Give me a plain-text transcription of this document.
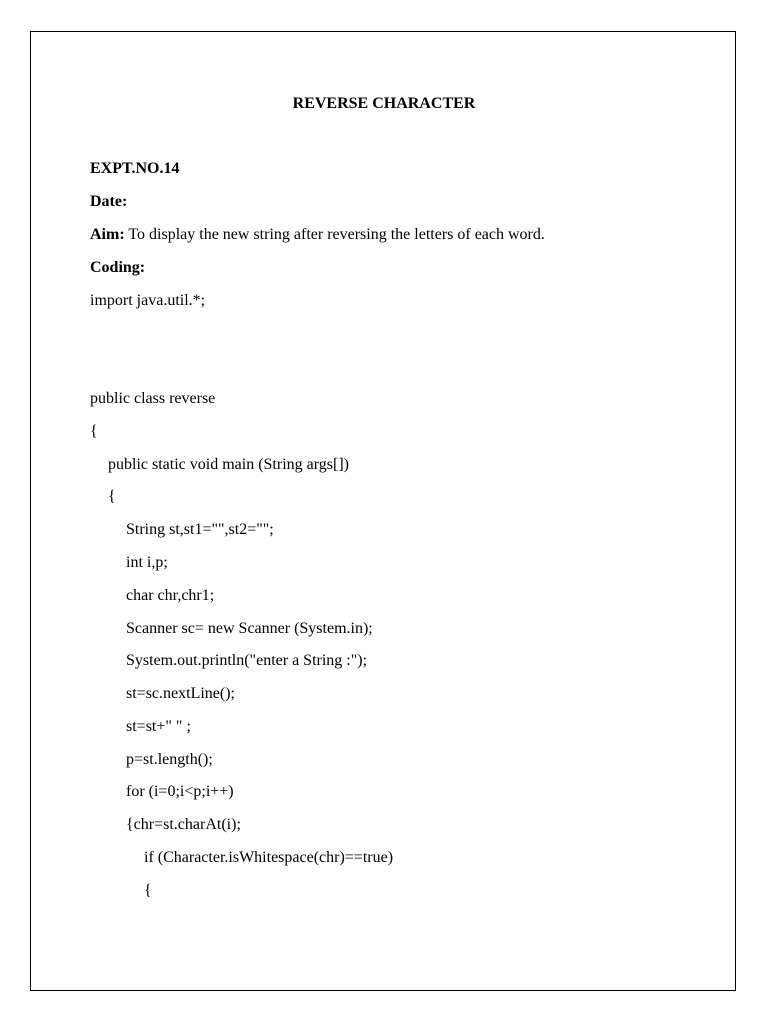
REVERSE CHARACTER
EXPT.NO.14
Date:
Aim: To display the new string after reversing the letters of each word.
Coding:
import java.util.*;
public class reverse
{
public static void main (String args[])
{
String st,st1="",st2="";
int i,p;
char chr,chr1;
Scanner sc= new Scanner (System.in);
System.out.println("enter a String :");
st=sc.nextLine();
st=st+" " ;
p=st.length();
for (i=0;i<p;i++)
{chr=st.charAt(i);
if (Character.isWhitespace(chr)==true)
{
